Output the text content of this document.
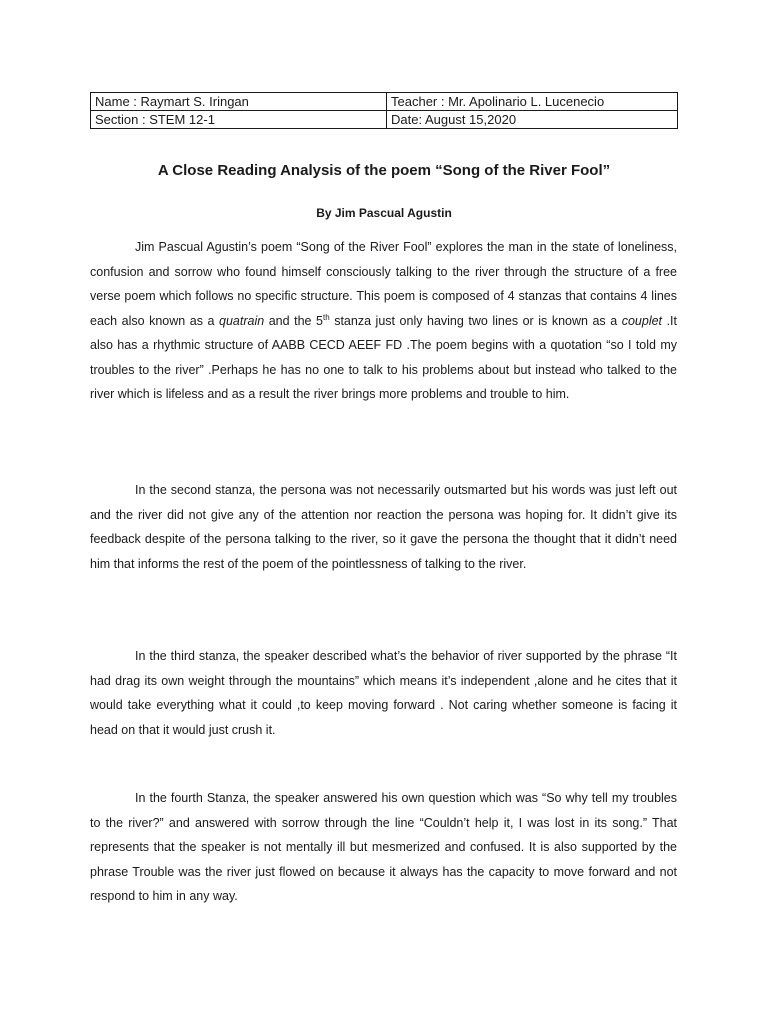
Name : Raymart S. Iringan	Teacher : Mr. Apolinario L. Lucenecio
Section : STEM 12-1	Date: August 15,2020
A Close Reading Analysis of the poem “Song of the River Fool”

By Jim Pascual Agustin

Jim Pascual Agustin’s poem “Song of the River Fool” explores the man in the state of loneliness, confusion and sorrow who found himself consciously talking to the river through the structure of a free verse poem which follows no specific structure. This poem is composed of 4 stanzas that contains 4 lines each also known as a quatrain and the 5th stanza just only having two lines or is known as a couplet .It also has a rhythmic structure of AABB CECD AEEF FD .The poem begins with a quotation “so I told my troubles to the river” .Perhaps he has no one to talk to his problems about but instead who talked to the river which is lifeless and as a result the river brings more problems and trouble to him.

In the second stanza, the persona was not necessarily outsmarted but his words was just left out and the river did not give any of the attention nor reaction the persona was hoping for. It didn’t give its feedback despite of the persona talking to the river, so it gave the persona the thought that it didn’t need him that informs the rest of the poem of the pointlessness of talking to the river.

In the third stanza, the speaker described what’s the behavior of river supported by the phrase “It had drag its own weight through the mountains” which means it’s independent ,alone and he cites that it would take everything what it could ,to keep moving forward . Not caring whether someone is facing it head on that it would just crush it.

In the fourth Stanza, the speaker answered his own question which was “So why tell my troubles to the river?” and answered with sorrow through the line “Couldn’t help it, I was lost in its song.” That represents that the speaker is not mentally ill but mesmerized and confused. It is also supported by the phrase Trouble was the river just flowed on because it always has the capacity to move forward and not respond to him in any way.
